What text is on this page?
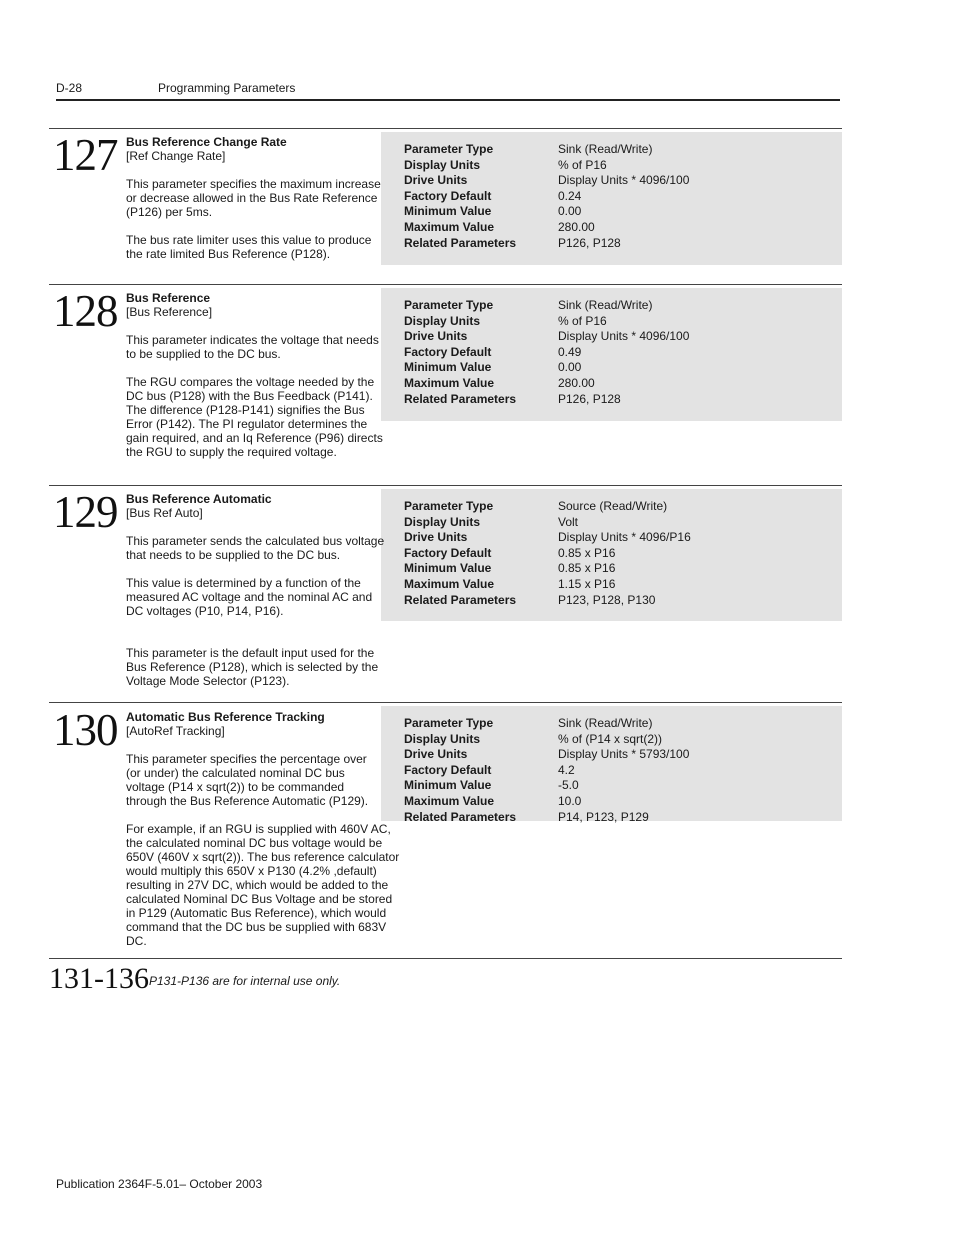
D-28	Programming Parameters
Parameter Type	Sink (Read/Write)
Display Units	% of P16
Drive Units	Display Units * 4096/100
Factory Default	0.24
Minimum Value	0.00
Maximum Value	280.00
Related Parameters	P126, P128
127 Bus Reference Change Rate
[Ref Change Rate]

This parameter specifies the maximum increase or decrease allowed in the Bus Rate Reference (P126) per 5ms.

The bus rate limiter uses this value to produce the rate limited Bus Reference (P128).

Parameter Type	Sink (Read/Write)
Display Units	% of P16
Drive Units	Display Units * 4096/100
Factory Default	0.49
Minimum Value	0.00
Maximum Value	280.00
Related Parameters	P126, P128
128 Bus Reference
[Bus Reference]

This parameter indicates the voltage that needs to be supplied to the DC bus.

The RGU compares the voltage needed by the DC bus (P128) with the Bus Feedback (P141). The difference (P128-P141) signifies the Bus Error (P142). The PI regulator determines the gain required, and an Iq Reference (P96) directs the RGU to supply the required voltage.

Parameter Type	Source (Read/Write)
Display Units	Volt
Drive Units	Display Units * 4096/P16
Factory Default	0.85 x P16
Minimum Value	0.85 x P16
Maximum Value	1.15 x P16
Related Parameters	P123, P128, P130
129 Bus Reference Automatic
[Bus Ref Auto]

This parameter sends the calculated bus voltage that needs to be supplied to the DC bus.

This value is determined by a function of the measured AC voltage and the nominal AC and DC voltages (P10, P14, P16).

This parameter is the default input used for the Bus Reference (P128), which is selected by the Voltage Mode Selector (P123).

Parameter Type	Sink (Read/Write)
Display Units	% of (P14 x sqrt(2))
Drive Units	Display Units * 5793/100
Factory Default	4.2
Minimum Value	-5.0
Maximum Value	10.0
Related Parameters	P14, P123, P129
130 Automatic Bus Reference Tracking
[AutoRef Tracking]

This parameter specifies the percentage over (or under) the calculated nominal DC bus voltage (P14 x sqrt(2)) to be commanded through the Bus Reference Automatic (P129).

For example, if an RGU is supplied with 460V AC, the calculated nominal DC bus voltage would be 650V (460V x sqrt(2)). The bus reference calculator would multiply this 650V x P130 (4.2% ,default) resulting in 27V DC, which would be added to the calculated Nominal DC Bus Voltage and be stored in P129 (Automatic Bus Reference), which would command that the DC bus be supplied with 683V DC.

131-136 P131-P136 are for internal use only.
Publication 2364F-5.01– October 2003
